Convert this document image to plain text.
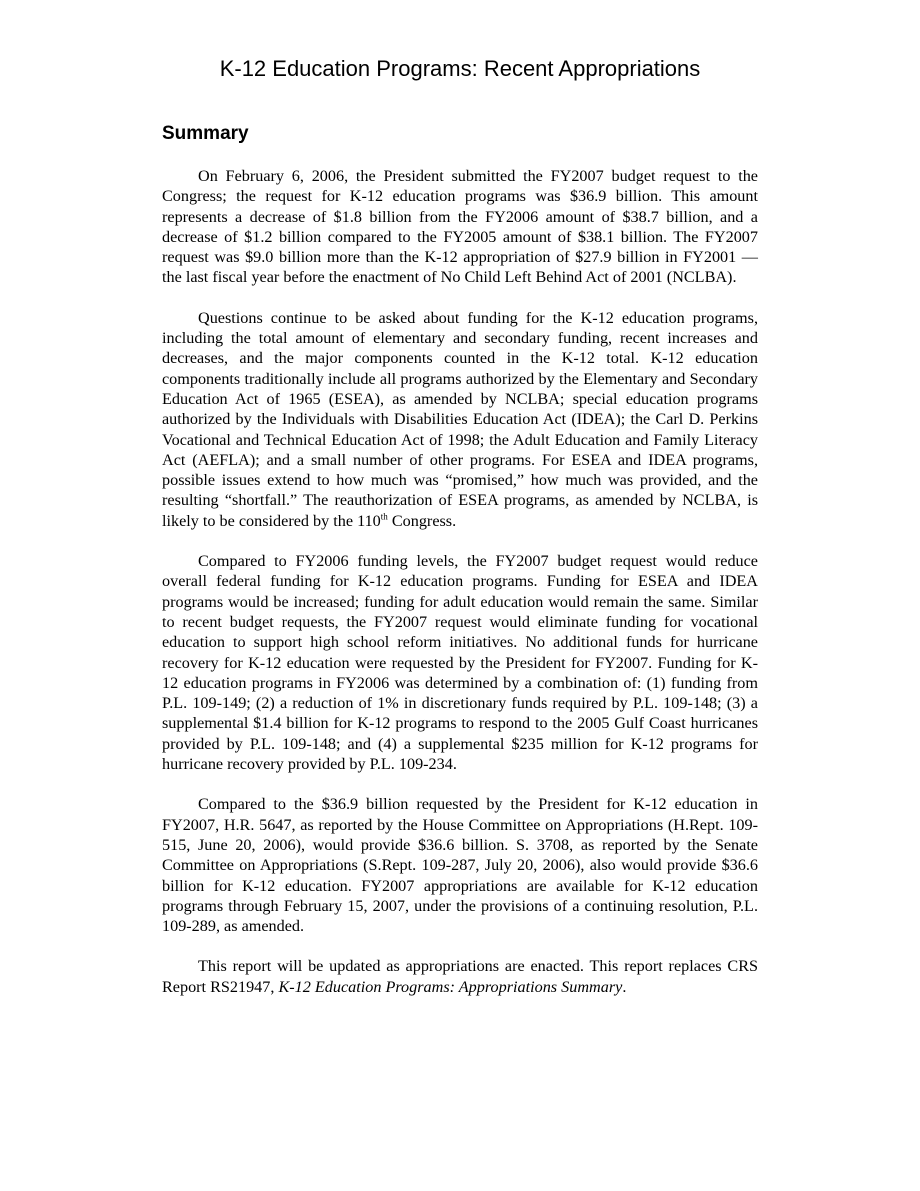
K-12 Education Programs: Recent Appropriations
Summary

On February 6, 2006, the President submitted the FY2007 budget request to the Congress; the request for K-12 education programs was $36.9 billion. This amount represents a decrease of $1.8 billion from the FY2006 amount of $38.7 billion, and a decrease of $1.2 billion compared to the FY2005 amount of $38.1 billion. The FY2007 request was $9.0 billion more than the K-12 appropriation of $27.9 billion in FY2001 — the last fiscal year before the enactment of No Child Left Behind Act of 2001 (NCLBA).

Questions continue to be asked about funding for the K-12 education programs, including the total amount of elementary and secondary funding, recent increases and decreases, and the major components counted in the K-12 total. K-12 education components traditionally include all programs authorized by the Elementary and Secondary Education Act of 1965 (ESEA), as amended by NCLBA; special education programs authorized by the Individuals with Disabilities Education Act (IDEA); the Carl D. Perkins Vocational and Technical Education Act of 1998; the Adult Education and Family Literacy Act (AEFLA); and a small number of other programs. For ESEA and IDEA programs, possible issues extend to how much was “promised,” how much was provided, and the resulting “shortfall.” The reauthorization of ESEA programs, as amended by NCLBA, is likely to be considered by the 110th Congress.

Compared to FY2006 funding levels, the FY2007 budget request would reduce overall federal funding for K-12 education programs. Funding for ESEA and IDEA programs would be increased; funding for adult education would remain the same. Similar to recent budget requests, the FY2007 request would eliminate funding for vocational education to support high school reform initiatives. No additional funds for hurricane recovery for K-12 education were requested by the President for FY2007. Funding for K-12 education programs in FY2006 was determined by a combination of: (1) funding from P.L. 109-149; (2) a reduction of 1% in discretionary funds required by P.L. 109-148; (3) a supplemental $1.4 billion for K-12 programs to respond to the 2005 Gulf Coast hurricanes provided by P.L. 109-148; and (4) a supplemental $235 million for K-12 programs for hurricane recovery provided by P.L. 109-234.

Compared to the $36.9 billion requested by the President for K-12 education in FY2007, H.R. 5647, as reported by the House Committee on Appropriations (H.Rept. 109-515, June 20, 2006), would provide $36.6 billion. S. 3708, as reported by the Senate Committee on Appropriations (S.Rept. 109-287, July 20, 2006), also would provide $36.6 billion for K-12 education. FY2007 appropriations are available for K-12 education programs through February 15, 2007, under the provisions of a continuing resolution, P.L. 109-289, as amended.

This report will be updated as appropriations are enacted. This report replaces CRS Report RS21947, K-12 Education Programs: Appropriations Summary.
